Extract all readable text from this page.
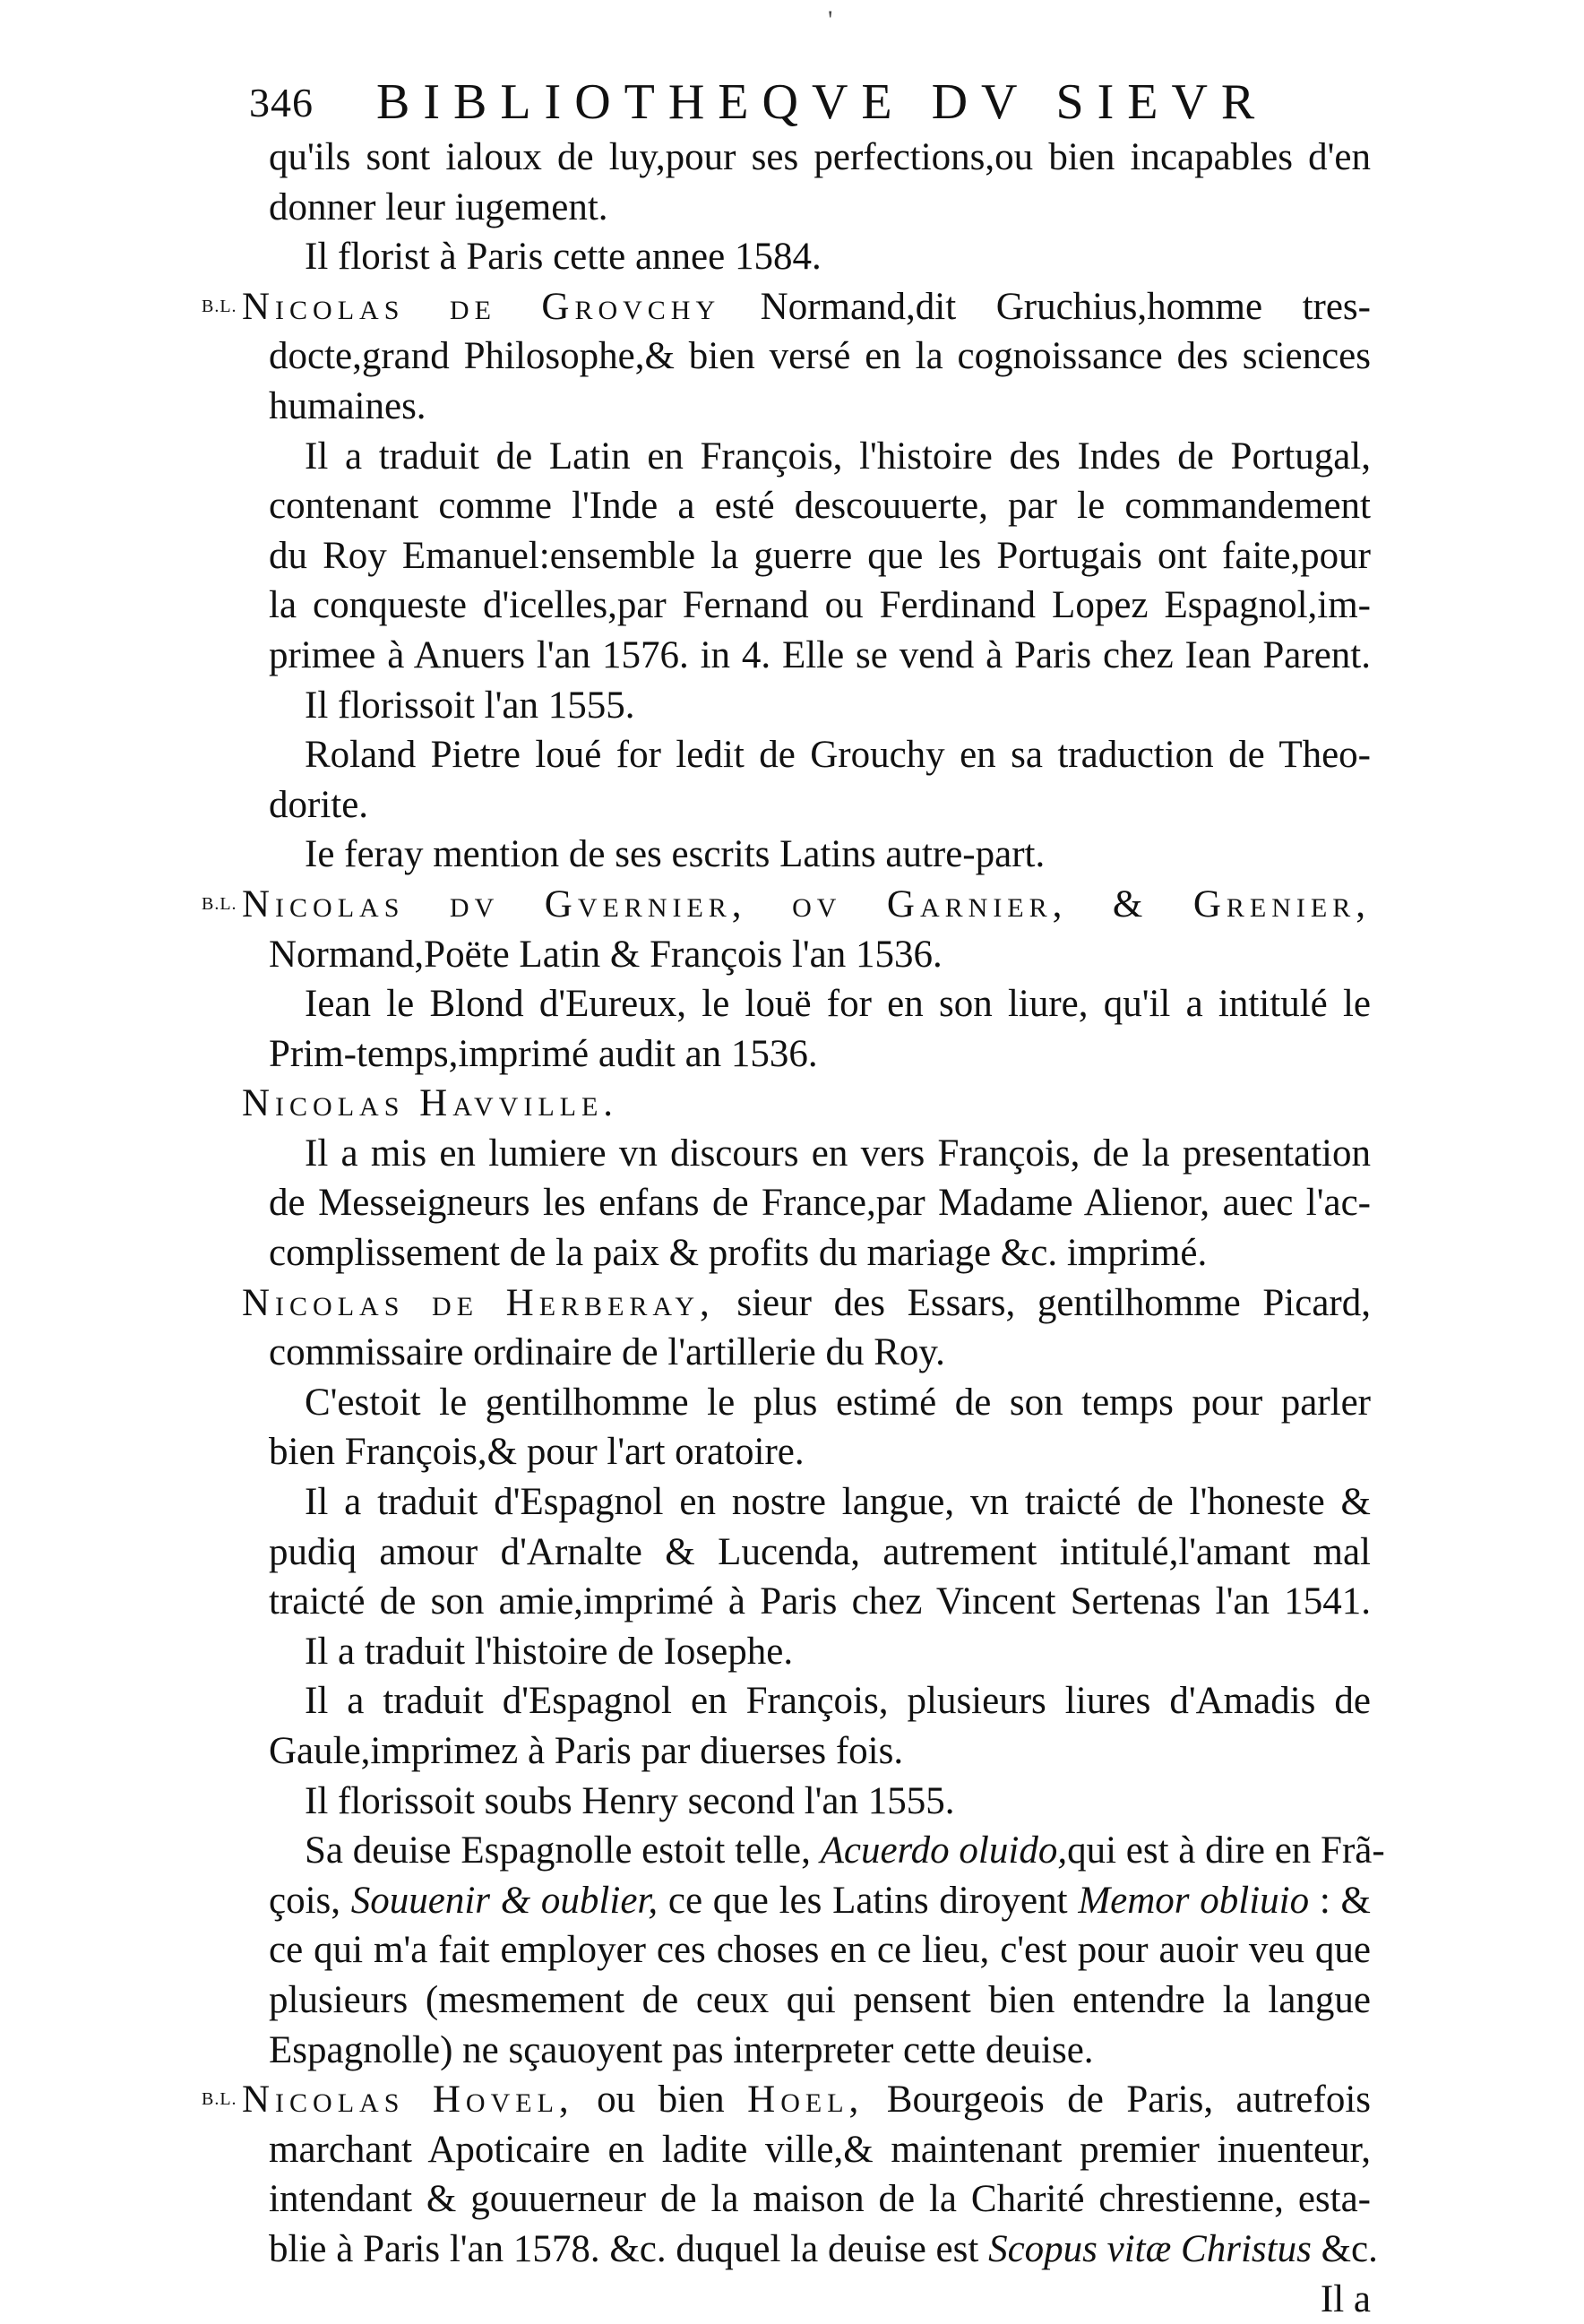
'
346 BIBLIOTHEQVE DV SIEVR
qu'ils sont ialoux de luy,pour ses perfections,ou bien incapables d'en
donner leur iugement.
Il florist à Paris cette annee 1584.
B.L. Nicolas de Grovchy Normand,dit Gruchius,homme tres-
docte,grand Philosophe,& bien versé en la cognoissance des sciences
humaines.
Il a traduit de Latin en François, l'histoire des Indes de Portugal,
contenant comme l'Inde a esté descouuerte, par le commandement
du Roy Emanuel:ensemble la guerre que les Portugais ont faite,pour
la conqueste d'icelles,par Fernand ou Ferdinand Lopez Espagnol,im-
primee à Anuers l'an 1576. in 4. Elle se vend à Paris chez Iean Parent.
Il florissoit l'an 1555.
Roland Pietre loué for ledit de Grouchy en sa traduction de Theo-
dorite.
Ie feray mention de ses escrits Latins autre-part.
B.L. Nicolas dv Gvernier, ov Garnier, & Grenier,
Normand,Poëte Latin & François l'an 1536.
Iean le Blond d'Eureux, le louë for en son liure, qu'il a intitulé le
Prim-temps,imprimé audit an 1536.
Nicolas Havville.
Il a mis en lumiere vn discours en vers François, de la presentation
de Messeigneurs les enfans de France,par Madame Alienor, auec l'ac-
complissement de la paix & profits du mariage &c. imprimé.
Nicolas de Herberay, sieur des Essars, gentilhomme Picard,
commissaire ordinaire de l'artillerie du Roy.
C'estoit le gentilhomme le plus estimé de son temps pour parler
bien François,& pour l'art oratoire.
Il a traduit d'Espagnol en nostre langue, vn traicté de l'honeste &
pudiq amour d'Arnalte & Lucenda, autrement intitulé,l'amant mal
traicté de son amie,imprimé à Paris chez Vincent Sertenas l'an 1541.
Il a traduit l'histoire de Iosephe.
Il a traduit d'Espagnol en François, plusieurs liures d'Amadis de
Gaule,imprimez à Paris par diuerses fois.
Il florissoit soubs Henry second l'an 1555.
Sa deuise Espagnolle estoit telle, Acuerdo oluido,qui est à dire en Frã-
çois, Souuenir & oublier, ce que les Latins diroyent Memor obliuio : &
ce qui m'a fait employer ces choses en ce lieu, c'est pour auoir veu que
plusieurs (mesmement de ceux qui pensent bien entendre la langue
Espagnolle) ne sçauoyent pas interpreter cette deuise.
B.L. Nicolas Hovel, ou bien Hoel, Bourgeois de Paris, autrefois
marchant Apoticaire en ladite ville,& maintenant premier inuenteur,
intendant & gouuerneur de la maison de la Charité chrestienne, esta-
blie à Paris l'an 1578. &c. duquel la deuise est Scopus vitæ Christus &c.
Il a
